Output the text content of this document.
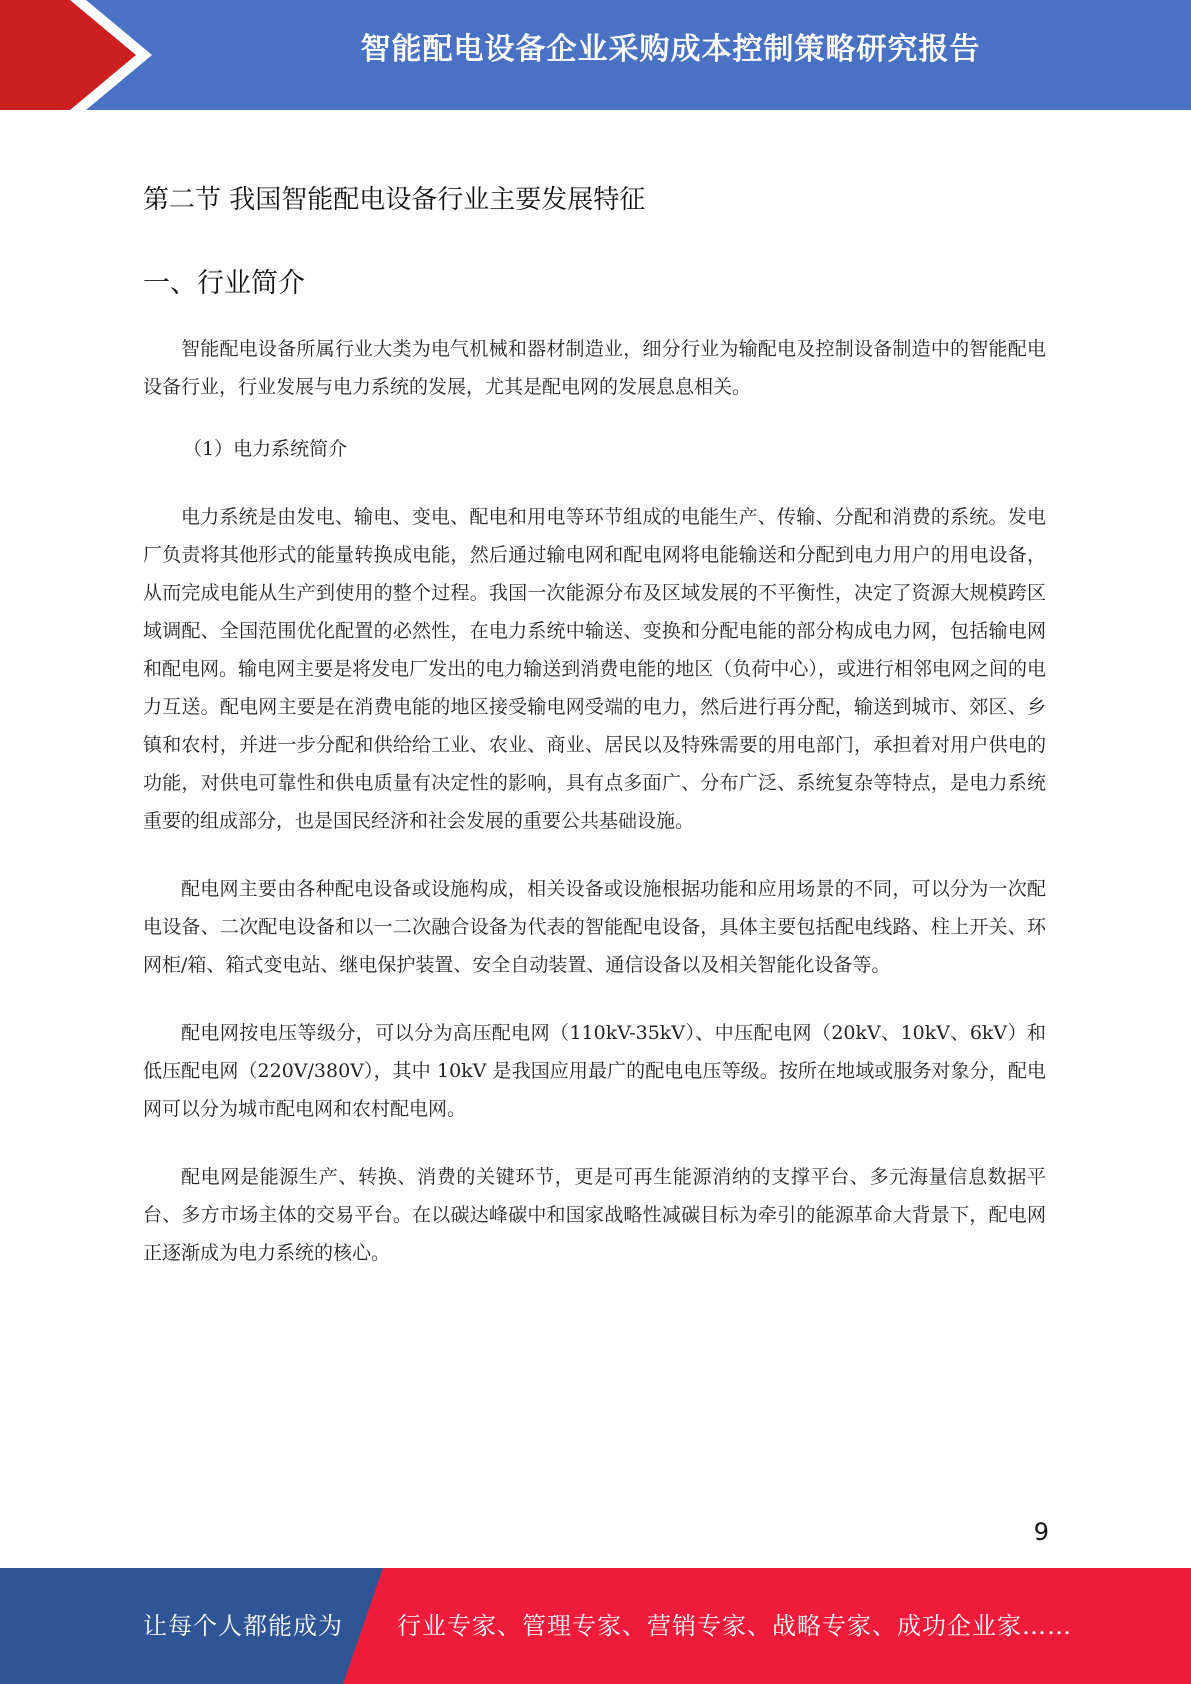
智能配电设备企业采购成本控制策略研究报告
第二节 我国智能配电设备行业主要发展特征
一、行业简介

智能配电设备所属行业大类为电气机械和器材制造业，细分行业为输配电及控制设备制造中的智能配电设备行业，行业发展与电力系统的发展，尤其是配电网的发展息息相关。

（1）电力系统简介

电力系统是由发电、输电、变电、配电和用电等环节组成的电能生产、传输、分配和消费的系统。发电厂负责将其他形式的能量转换成电能，然后通过输电网和配电网将电能输送和分配到电力用户的用电设备，从而完成电能从生产到使用的整个过程。我国一次能源分布及区域发展的不平衡性，决定了资源大规模跨区域调配、全国范围优化配置的必然性，在电力系统中输送、变换和分配电能的部分构成电力网，包括输电网和配电网。输电网主要是将发电厂发出的电力输送到消费电能的地区（负荷中心），或进行相邻电网之间的电力互送。配电网主要是在消费电能的地区接受输电网受端的电力，然后进行再分配，输送到城市、郊区、乡镇和农村，并进一步分配和供给给工业、农业、商业、居民以及特殊需要的用电部门，承担着对用户供电的功能，对供电可靠性和供电质量有决定性的影响，具有点多面广、分布广泛、系统复杂等特点，是电力系统重要的组成部分，也是国民经济和社会发展的重要公共基础设施。

配电网主要由各种配电设备或设施构成，相关设备或设施根据功能和应用场景的不同，可以分为一次配电设备、二次配电设备和以一二次融合设备为代表的智能配电设备，具体主要包括配电线路、柱上开关、环网柜/箱、箱式变电站、继电保护装置、安全自动装置、通信设备以及相关智能化设备等。

配电网按电压等级分，可以分为高压配电网（110kV-35kV）、中压配电网（20kV、10kV、6kV）和低压配电网（220V/380V），其中 10kV 是我国应用最广的配电电压等级。按所在地域或服务对象分，配电网可以分为城市配电网和农村配电网。

配电网是能源生产、转换、消费的关键环节，更是可再生能源消纳的支撑平台、多元海量信息数据平台、多方市场主体的交易平台。在以碳达峰碳中和国家战略性减碳目标为牵引的能源革命大背景下，配电网正逐渐成为电力系统的核心。

9
让每个人都能成为 行业专家、管理专家、营销专家、战略专家、成功企业家……
